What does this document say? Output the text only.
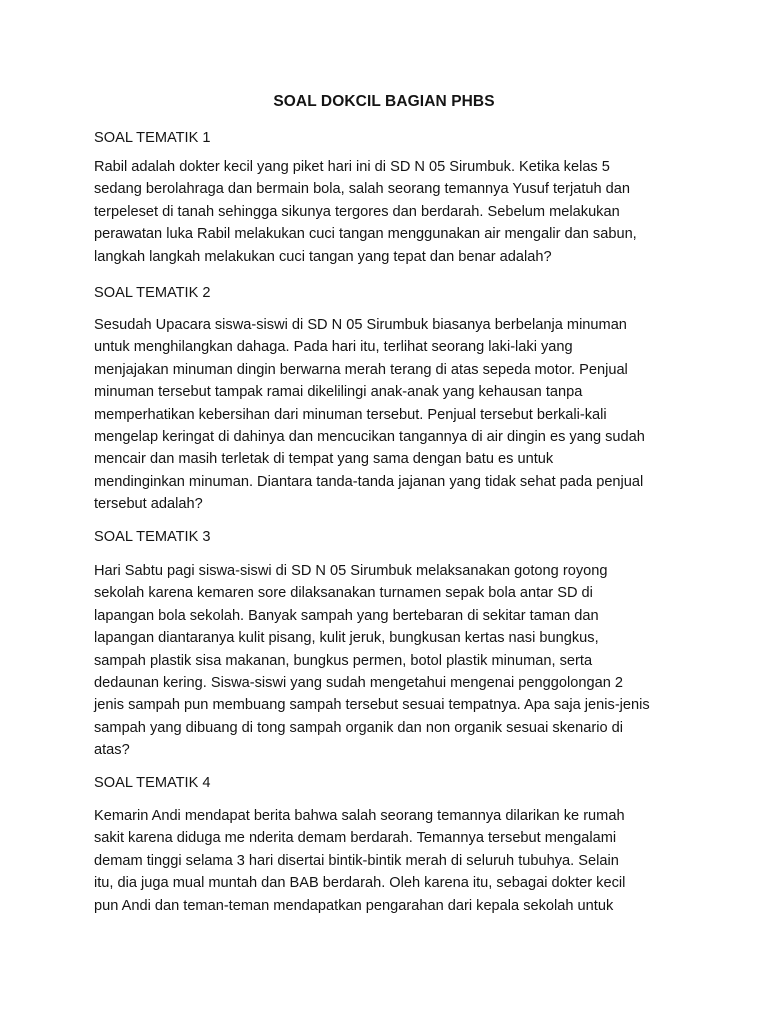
SOAL DOKCIL BAGIAN PHBS
SOAL TEMATIK 1
Rabil adalah dokter kecil yang piket hari ini di SD N 05 Sirumbuk. Ketika kelas 5
sedang berolahraga dan bermain bola, salah seorang temannya Yusuf terjatuh dan
terpeleset di tanah sehingga sikunya tergores dan berdarah. Sebelum melakukan
perawatan luka Rabil melakukan cuci tangan menggunakan air mengalir dan sabun,
langkah langkah melakukan cuci tangan yang tepat dan benar adalah?
SOAL TEMATIK 2
Sesudah Upacara siswa-siswi di SD N 05 Sirumbuk biasanya berbelanja minuman
untuk menghilangkan dahaga. Pada hari itu, terlihat seorang laki-laki yang
menjajakan minuman dingin berwarna merah terang di atas sepeda motor. Penjual
minuman tersebut tampak ramai dikelilingi anak-anak yang kehausan tanpa
memperhatikan kebersihan dari minuman tersebut. Penjual tersebut berkali-kali
mengelap keringat di dahinya dan mencucikan tangannya di air dingin es yang sudah
mencair dan masih terletak di tempat yang sama dengan batu es untuk
mendinginkan minuman. Diantara tanda-tanda jajanan yang tidak sehat pada penjual
tersebut adalah?
SOAL TEMATIK 3
Hari Sabtu pagi siswa-siswi di SD N 05 Sirumbuk melaksanakan gotong royong
sekolah karena kemaren sore dilaksanakan turnamen sepak bola antar SD di
lapangan bola sekolah. Banyak sampah yang bertebaran di sekitar taman dan
lapangan diantaranya kulit pisang, kulit jeruk, bungkusan kertas nasi bungkus,
sampah plastik sisa makanan, bungkus permen, botol plastik minuman, serta
dedaunan kering. Siswa-siswi yang sudah mengetahui mengenai penggolongan 2
jenis sampah pun membuang sampah tersebut sesuai tempatnya. Apa saja jenis-jenis
sampah yang dibuang di tong sampah organik dan non organik sesuai skenario di
atas?
SOAL TEMATIK 4
Kemarin Andi mendapat berita bahwa salah seorang temannya dilarikan ke rumah
sakit karena diduga me nderita demam berdarah. Temannya tersebut mengalami
demam tinggi selama 3 hari disertai bintik-bintik merah di seluruh tubuhya. Selain
itu, dia juga mual muntah dan BAB berdarah. Oleh karena itu, sebagai dokter kecil
pun Andi dan teman-teman mendapatkan pengarahan dari kepala sekolah untuk
